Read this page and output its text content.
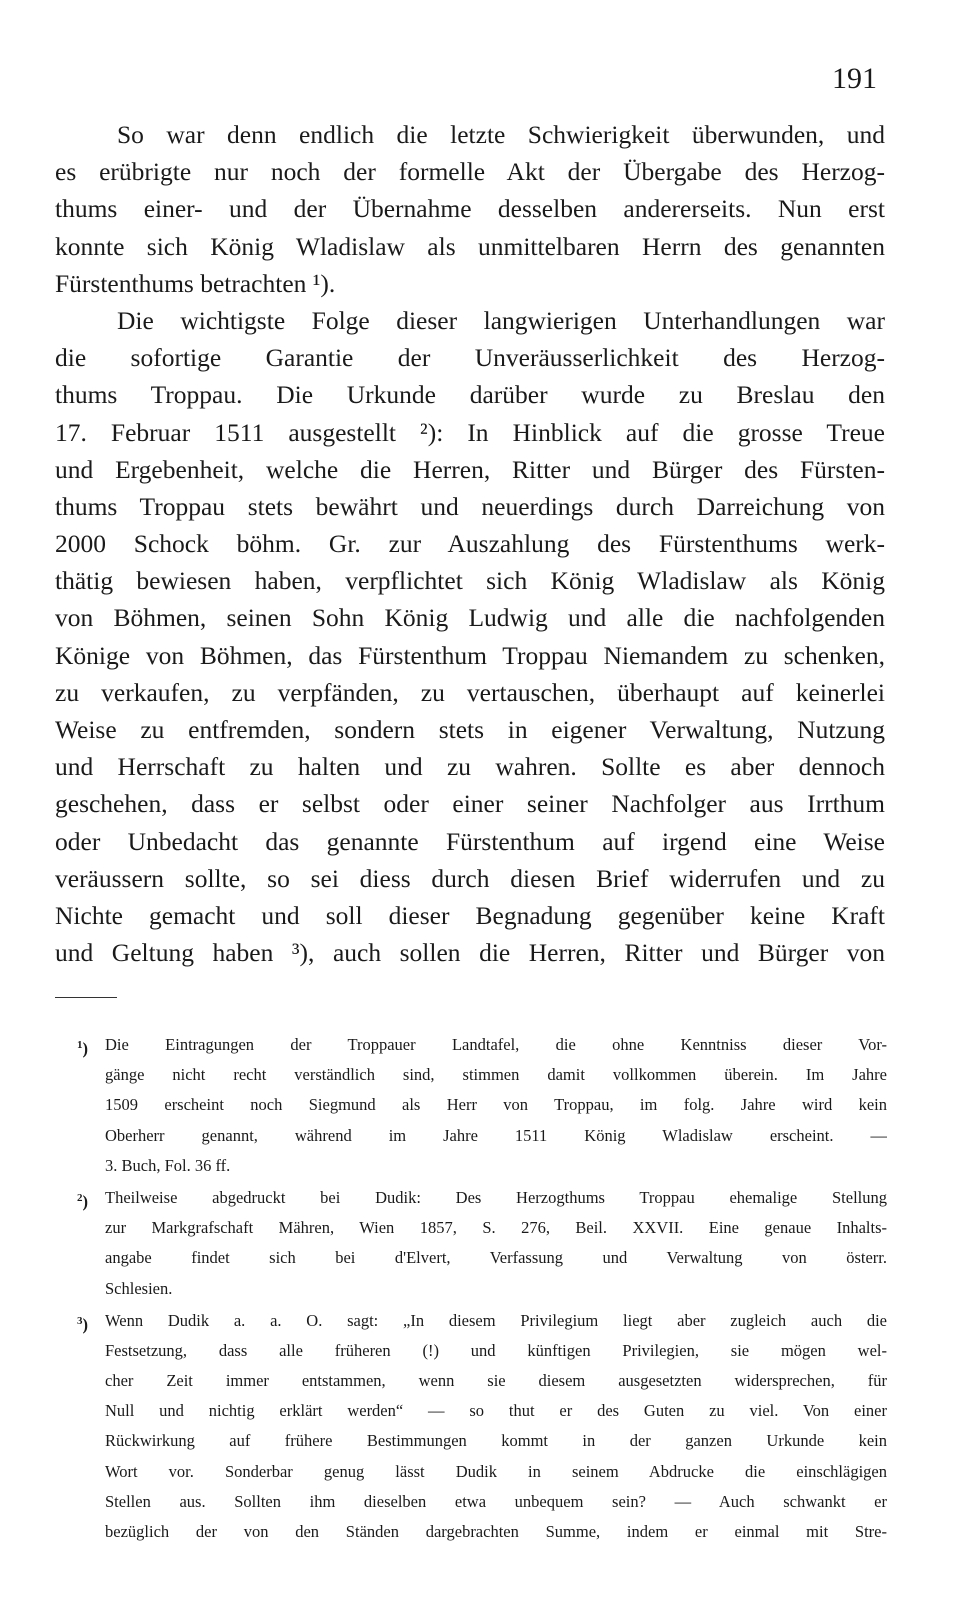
191
So war denn endlich die letzte Schwierigkeit überwunden, und
es erübrigte nur noch der formelle Akt der Übergabe des Herzog-
thums einer- und der Übernahme desselben andererseits. Nun erst
konnte sich König Wladislaw als unmittelbaren Herrn des genannten
Fürstenthums betrachten ¹).
Die wichtigste Folge dieser langwierigen Unterhandlungen war
die sofortige Garantie der Unveräusserlichkeit des Herzog-
thums Troppau. Die Urkunde darüber wurde zu Breslau den
17. Februar 1511 ausgestellt ²): In Hinblick auf die grosse Treue
und Ergebenheit, welche die Herren, Ritter und Bürger des Fürsten-
thums Troppau stets bewährt und neuerdings durch Darreichung von
2000 Schock böhm. Gr. zur Auszahlung des Fürstenthums werk-
thätig bewiesen haben, verpflichtet sich König Wladislaw als König
von Böhmen, seinen Sohn König Ludwig und alle die nachfolgenden
Könige von Böhmen, das Fürstenthum Troppau Niemandem zu schenken,
zu verkaufen, zu verpfänden, zu vertauschen, überhaupt auf keinerlei
Weise zu entfremden, sondern stets in eigener Verwaltung, Nutzung
und Herrschaft zu halten und zu wahren. Sollte es aber dennoch
geschehen, dass er selbst oder einer seiner Nachfolger aus Irrthum
oder Unbedacht das genannte Fürstenthum auf irgend eine Weise
veräussern sollte, so sei diess durch diesen Brief widerrufen und zu
Nichte gemacht und soll dieser Begnadung gegenüber keine Kraft
und Geltung haben ³), auch sollen die Herren, Ritter und Bürger von
$^1$) Die Eintragungen der Troppauer Landtafel, die ohne Kenntniss dieser Vor-
gänge nicht recht verständlich sind, stimmen damit vollkommen überein. Im Jahre
1509 erscheint noch Siegmund als Herr von Troppau, im folg. Jahre wird kein
Oberherr genannt, während im Jahre 1511 König Wladislaw erscheint. —
3. Buch, Fol. 36 ff.
$^2$) Theilweise abgedruckt bei Dudik: Des Herzogthums Troppau ehemalige Stellung
zur Markgrafschaft Mähren, Wien 1857, S. 276, Beil. XXVII. Eine genaue Inhalts-
angabe findet sich bei d'Elvert, Verfassung und Verwaltung von österr.
Schlesien.
$^3$) Wenn Dudik a. a. O. sagt: „In diesem Privilegium liegt aber zugleich auch die
Festsetzung, dass alle früheren (!) und künftigen Privilegien, sie mögen wel-
cher Zeit immer entstammen, wenn sie diesem ausgesetzten widersprechen, für
Null und nichtig erklärt werden“ — so thut er des Guten zu viel. Von einer
Rückwirkung auf frühere Bestimmungen kommt in der ganzen Urkunde kein
Wort vor. Sonderbar genug lässt Dudik in seinem Abdrucke die einschlägigen
Stellen aus. Sollten ihm dieselben etwa unbequem sein? — Auch schwankt er
bezüglich der von den Ständen dargebrachten Summe, indem er einmal mit Stre-
